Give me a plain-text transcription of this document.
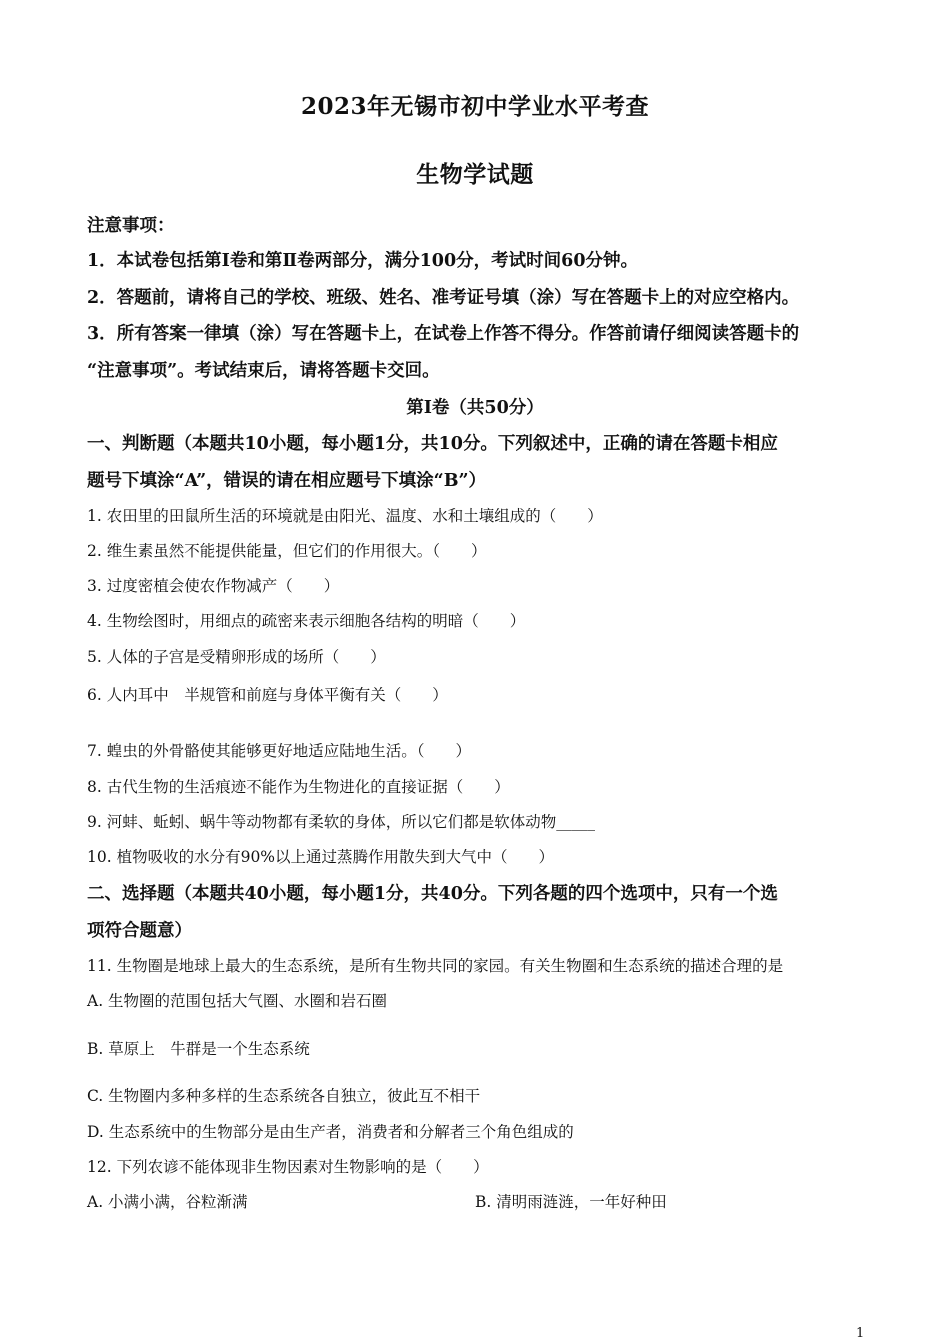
2023年无锡市初中学业水平考查
生物学试题
注意事项：
1．本试卷包括第Ⅰ卷和第Ⅱ卷两部分，满分100分，考试时间60分钟。
2．答题前，请将自己的学校、班级、姓名、准考证号填（涂）写在答题卡上的对应空格内。
3．所有答案一律填（涂）写在答题卡上，在试卷上作答不得分。作答前请仔细阅读答题卡的
“注意事项”。考试结束后，请将答题卡交回。
第Ⅰ卷（共50分）
一、判断题（本题共10小题，每小题1分，共10分。下列叙述中，正确的请在答题卡相应
题号下填涂“A”，错误的请在相应题号下填涂“B”）
1. 农田里的田鼠所生活的环境就是由阳光、温度、水和土壤组成的（　　）
2. 维生素虽然不能提供能量，但它们的作用很大。（　　）
3. 过度密植会使农作物减产（　　）
4. 生物绘图时，用细点的疏密来表示细胞各结构的明暗（　　）
5. 人体的子宫是受精卵形成的场所（　　）
6. 人内耳中　半规管和前庭与身体平衡有关（　　）
7. 蝗虫的外骨骼使其能够更好地适应陆地生活。（　　）
8. 古代生物的生活痕迹不能作为生物进化的直接证据（　　）
9. 河蚌、蚯蚓、蜗牛等动物都有柔软的身体，所以它们都是软体动物_____
10. 植物吸收的水分有90%以上通过蒸腾作用散失到大气中（　　）
二、选择题（本题共40小题，每小题1分，共40分。下列各题的四个选项中，只有一个选
项符合题意）
11. 生物圈是地球上最大的生态系统，是所有生物共同的家园。有关生物圈和生态系统的描述合理的是
A. 生物圈的范围包括大气圈、水圈和岩石圈
B. 草原上　牛群是一个生态系统
C. 生物圈内多种多样的生态系统各自独立，彼此互不相干
D. 生态系统中的生物部分是由生产者，消费者和分解者三个角色组成的
12. 下列农谚不能体现非生物因素对生物影响的是（　　）
A. 小满小满，谷粒渐满	B. 清明雨涟涟，一年好种田
1
